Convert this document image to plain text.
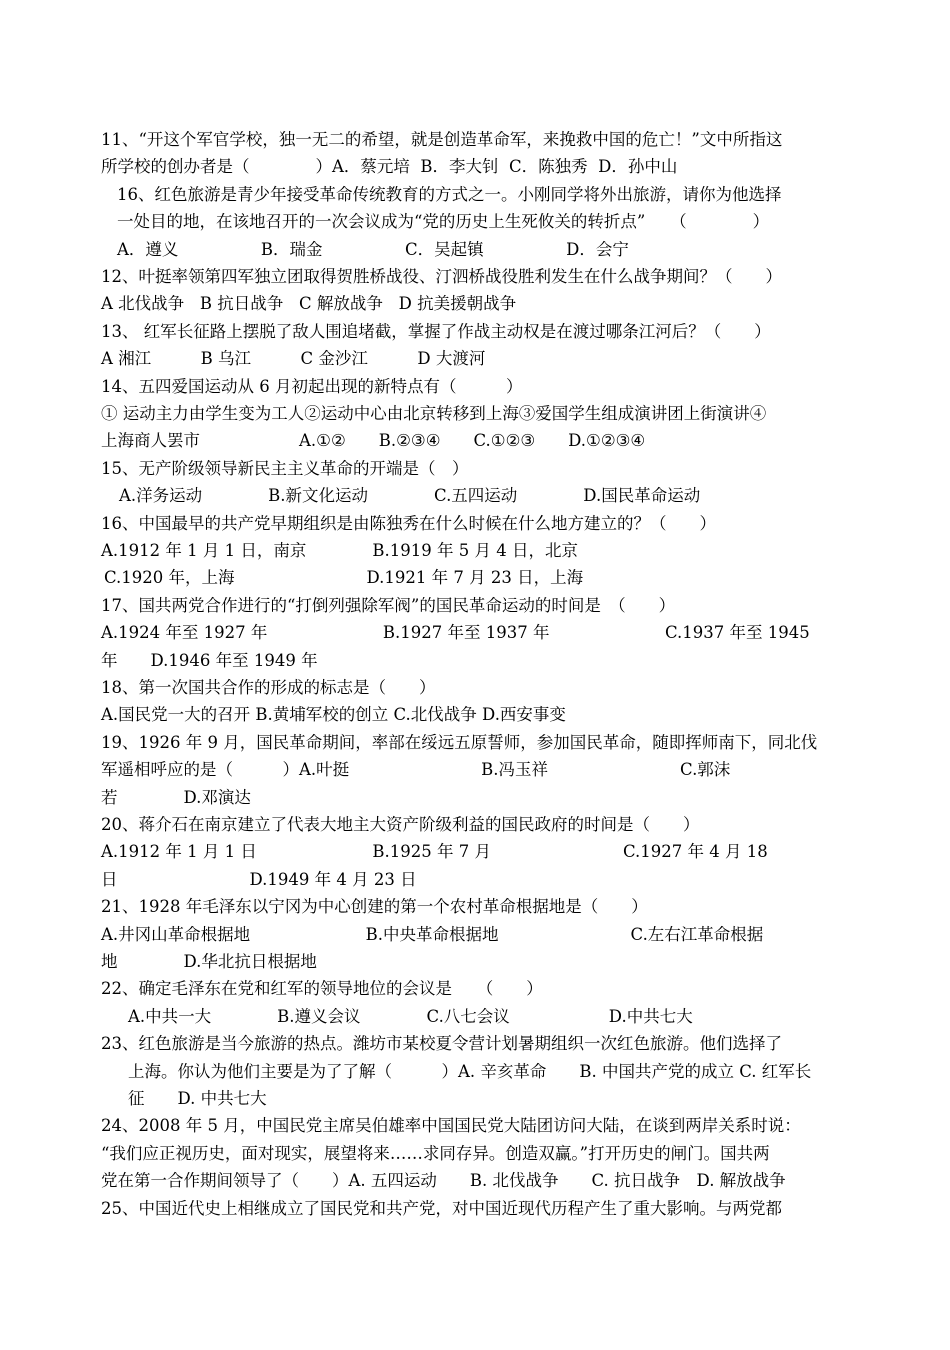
11、“开这个军官学校，独一无二的希望，就是创造革命军，来挽救中国的危亡！”文中所指这
所学校的创办者是（　　　　）A．蔡元培  B．李大钊  C．陈独秀  D．孙中山
16、红色旅游是青少年接受革命传统教育的方式之一。小刚同学将外出旅游，请你为他选择
一处目的地，在该地召开的一次会议成为“党的历史上生死攸关的转折点”　　（　　　　）
A．遵义　　　　　B．瑞金　　　　　C．吴起镇　　　　　D．会宁
12、叶挺率领第四军独立团取得贺胜桥战役、汀泗桥战役胜利发生在什么战争期间？（　　）
A 北伐战争   B 抗日战争   C 解放战争   D 抗美援朝战争
13、 红军长征路上摆脱了敌人围追堵截，掌握了作战主动权是在渡过哪条江河后？（　　）
A 湘江　　　B 乌江　　　C 金沙江　　　D 大渡河
14、五四爱国运动从 6 月初起出现的新特点有（　　　）
① 运动主力由学生变为工人②运动中心由北京转移到上海③爱国学生组成演讲团上街演讲④
上海商人罢市　　　　　　A.①②　　B.②③④　　C.①②③　　D.①②③④
15、无产阶级领导新民主主义革命的开端是（　）
A.洋务运动　　　　B.新文化运动　　　　C.五四运动　　　　D.国民革命运动
16、中国最早的共产党早期组织是由陈独秀在什么时候在什么地方建立的？（　　）
A.1912 年 1 月 1 日，南京　　　　B.1919 年 5 月 4 日，北京
C.1920 年，上海　　　　　　　　D.1921 年 7 月 23 日，上海
17、国共两党合作进行的“打倒列强除军阀”的国民革命运动的时间是　（　　）
A.1924 年至 1927 年　　　　　　　B.1927 年至 1937 年　　　　　　　C.1937 年至 1945
年　　D.1946 年至 1949 年
18、第一次国共合作的形成的标志是（　　）
A.国民党一大的召开 B.黄埔军校的创立 C.北伐战争 D.西安事变
19、1926 年 9 月，国民革命期间，率部在绥远五原誓师，参加国民革命，随即挥师南下，同北伐
军遥相呼应的是（　　　）A.叶挺　　　　　　　　B.冯玉祥　　　　　　　　C.郭沫
若　　　　D.邓演达
20、蒋介石在南京建立了代表大地主大资产阶级利益的国民政府的时间是（　　）
A.1912 年 1 月 1 日　　　　　　　B.1925 年 7 月　　　　　　　　C.1927 年 4 月 18
日　　　　　　　　D.1949 年 4 月 23 日
21、1928 年毛泽东以宁冈为中心创建的第一个农村革命根据地是（　　）
A.井冈山革命根据地　　　　　　　B.中央革命根据地　　　　　　　　C.左右江革命根据
地　　　　D.华北抗日根据地
22、确定毛泽东在党和红军的领导地位的会议是　　（　　）
A.中共一大　　　　B.遵义会议　　　　C.八七会议　　　　　　D.中共七大
23、红色旅游是当今旅游的热点。潍坊市某校夏令营计划暑期组织一次红色旅游。他们选择了
上海。你认为他们主要是为了了解（　　　）A. 辛亥革命　　B. 中国共产党的成立 C. 红军长
征　　D. 中共七大
24、2008 年 5 月，中国民党主席吴伯雄率中国国民党大陆团访问大陆，在谈到两岸关系时说：
“我们应正视历史，面对现实，展望将来……求同存异。创造双赢。”打开历史的闸门。国共两
党在第一合作期间领导了（　　）A. 五四运动　　B. 北伐战争　　C. 抗日战争　D. 解放战争
25、中国近代史上相继成立了国民党和共产党，对中国近现代历程产生了重大影响。与两党都
